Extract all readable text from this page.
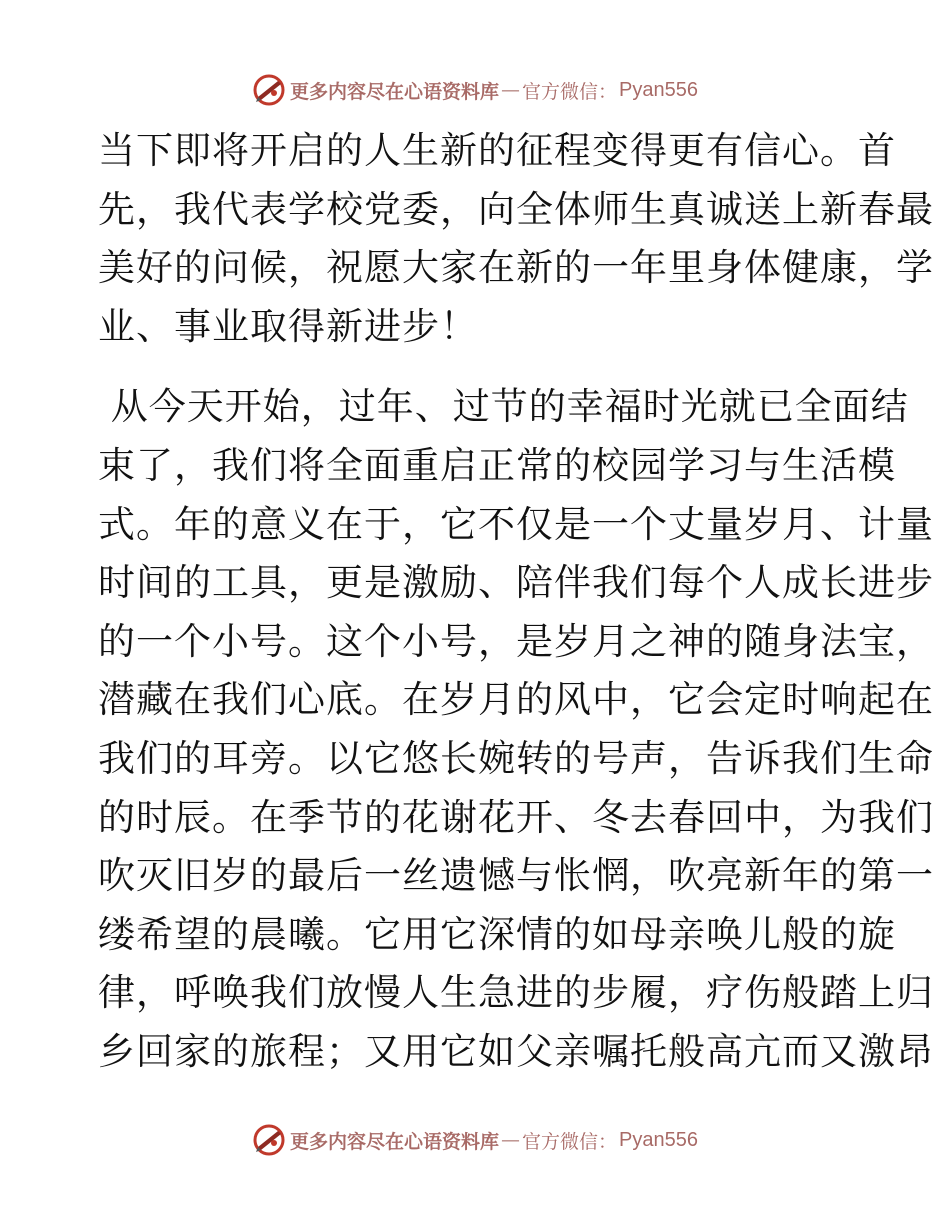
更多内容尽在心语资料库 — 官方微信： Pyan556
当下即将开启的人生新的征程变得更有信心。首
先，我代表学校党委，向全体师生真诚送上新春最
美好的问候，祝愿大家在新的一年里身体健康，学
业、事业取得新进步！
从今天开始，过年、过节的幸福时光就已全面结
束了，我们将全面重启正常的校园学习与生活模
式。年的意义在于，它不仅是一个丈量岁月、计量
时间的工具，更是激励、陪伴我们每个人成长进步
的一个小号。这个小号，是岁月之神的随身法宝，
潜藏在我们心底。在岁月的风中，它会定时响起在
我们的耳旁。以它悠长婉转的号声，告诉我们生命
的时辰。在季节的花谢花开、冬去春回中，为我们
吹灭旧岁的最后一丝遗憾与怅惘，吹亮新年的第一
缕希望的晨曦。它用它深情的如母亲唤儿般的旋
律，呼唤我们放慢人生急进的步履，疗伤般踏上归
乡回家的旅程；又用它如父亲嘱托般高亢而又激昂
更多内容尽在心语资料库 — 官方微信： Pyan556
